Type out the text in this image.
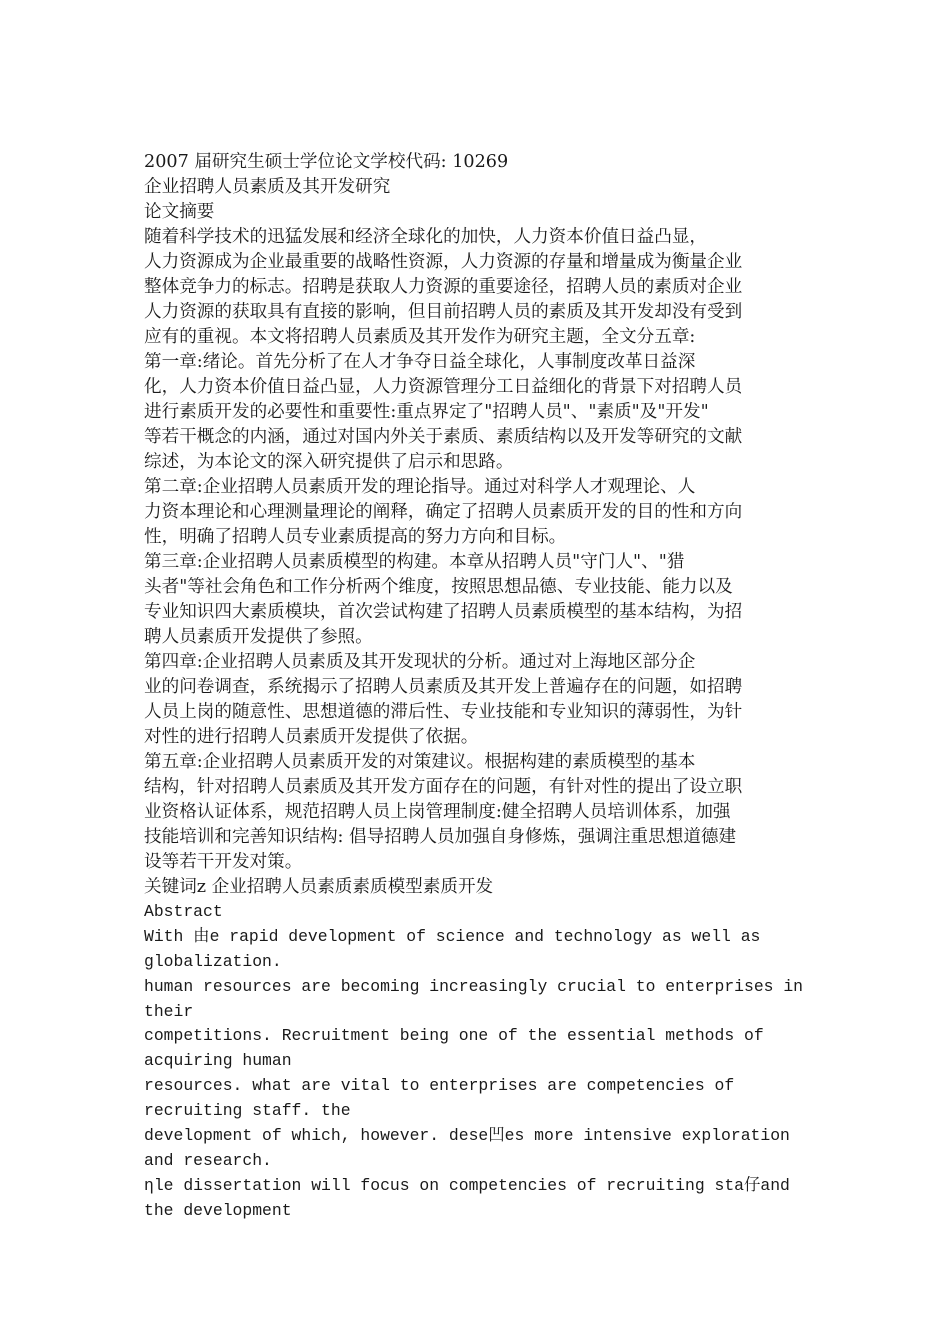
2007 届研究生硕士学位论文学校代码: 10269
企业招聘人员素质及其开发研究
论文摘要
随着科学技术的迅猛发展和经济全球化的加快，人力资本价值日益凸显，
人力资源成为企业最重要的战略性资源，人力资源的存量和增量成为衡量企业
整体竞争力的标志。招聘是获取人力资源的重要途径，招聘人员的素质对企业
人力资源的获取具有直接的影响，但目前招聘人员的素质及其开发却没有受到
应有的重视。本文将招聘人员素质及其开发作为研究主题，全文分五章:
第一章:绪论。首先分析了在人才争夺日益全球化，人事制度改革日益深
化，人力资本价值日益凸显，人力资源管理分工日益细化的背景下对招聘人员
进行素质开发的必要性和重要性:重点界定了"招聘人员"、"素质"及"开发"
等若干概念的内涵，通过对国内外关于素质、素质结构以及开发等研究的文献
综述，为本论文的深入研究提供了启示和思路。
第二章:企业招聘人员素质开发的理论指导。通过对科学人才观理论、人
力资本理论和心理测量理论的阐释，确定了招聘人员素质开发的目的性和方向
性，明确了招聘人员专业素质提高的努力方向和目标。
第三章:企业招聘人员素质模型的构建。本章从招聘人员"守门人"、"猎
头者"等社会角色和工作分析两个维度，按照思想品德、专业技能、能力以及
专业知识四大素质模块，首次尝试构建了招聘人员素质模型的基本结构，为招
聘人员素质开发提供了参照。
第四章:企业招聘人员素质及其开发现状的分析。通过对上海地区部分企
业的问卷调查，系统揭示了招聘人员素质及其开发上普遍存在的问题，如招聘
人员上岗的随意性、思想道德的滞后性、专业技能和专业知识的薄弱性，为针
对性的进行招聘人员素质开发提供了依据。
第五章:企业招聘人员素质开发的对策建议。根据构建的素质模型的基本
结构，针对招聘人员素质及其开发方面存在的问题，有针对性的提出了设立职
业资格认证体系，规范招聘人员上岗管理制度:健全招聘人员培训体系，加强
技能培训和完善知识结构: 倡导招聘人员加强自身修炼，强调注重思想道德建
设等若干开发对策。
关键词z 企业招聘人员素质素质模型素质开发
Abstract
With 由e rapid development of science and technology as well as
globalization.
human resources are becoming increasingly crucial to enterprises in
their
competitions. Recruitment being one of the essential methods of
acquiring human
resources. what are vital to enterprises are competencies of
recruiting staff. the
development of which, however. dese凹es more intensive exploration
and research.
ηle dissertation will focus on competencies of recruiting sta仔and
the development
